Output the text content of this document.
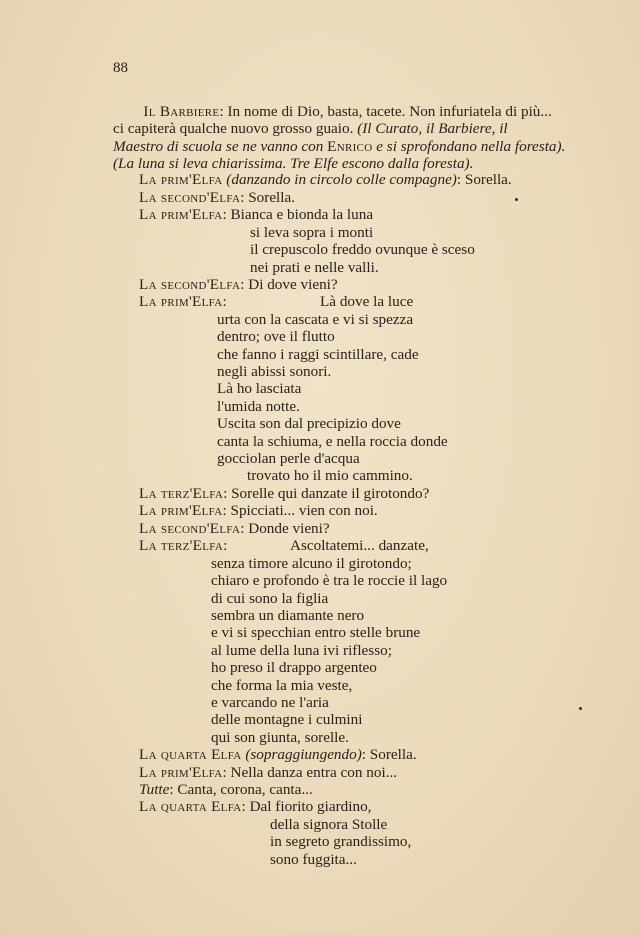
88
  Il Barbiere: In nome di Dio, basta, tacete. Non infuriatela di più...
ci capiterà qualche nuovo grosso guaio. (Il Curato, il Barbiere, il
Maestro di scuola se ne vanno con Enrico e si sprofondano nella foresta).
(La luna si leva chiarissima. Tre Elfe escono dalla foresta).
La prim'Elfa (danzando in circolo colle compagne): Sorella.
La second'Elfa: Sorella.
La prim'Elfa: Bianca e bionda la luna
si leva sopra i monti
il crepuscolo freddo ovunque è sceso
nei prati e nelle valli.
La second'Elfa: Di dove vieni?
La prim'Elfa:	Là dove la luce
urta con la cascata e vi si spezza
dentro; ove il flutto
che fanno i raggi scintillare, cade
negli abissi sonori.
Là ho lasciata
l'umida notte.
Uscita son dal precipizio dove
canta la schiuma, e nella roccia donde
gocciolan perle d'acqua
trovato ho il mio cammino.
La terz'Elfa: Sorelle qui danzate il girotondo?
La prim'Elfa: Spicciati... vien con noi.
La second'Elfa: Donde vieni?
La terz'Elfa:	Ascoltatemi... danzate,
senza timore alcuno il girotondo;
chiaro e profondo è tra le roccie il lago
di cui sono la figlia
sembra un diamante nero
e vi si specchian entro stelle brune
al lume della luna ivi riflesso;
ho preso il drappo argenteo
che forma la mia veste,
e varcando ne l'aria
delle montagne i culmini
qui son giunta, sorelle.
La quarta Elfa (sopraggiungendo): Sorella.
La prim'Elfa: Nella danza entra con noi...
Tutte: Canta, corona, canta...
La quarta Elfa: Dal fiorito giardino,
della signora Stolle
in segreto grandissimo,
sono fuggita...
